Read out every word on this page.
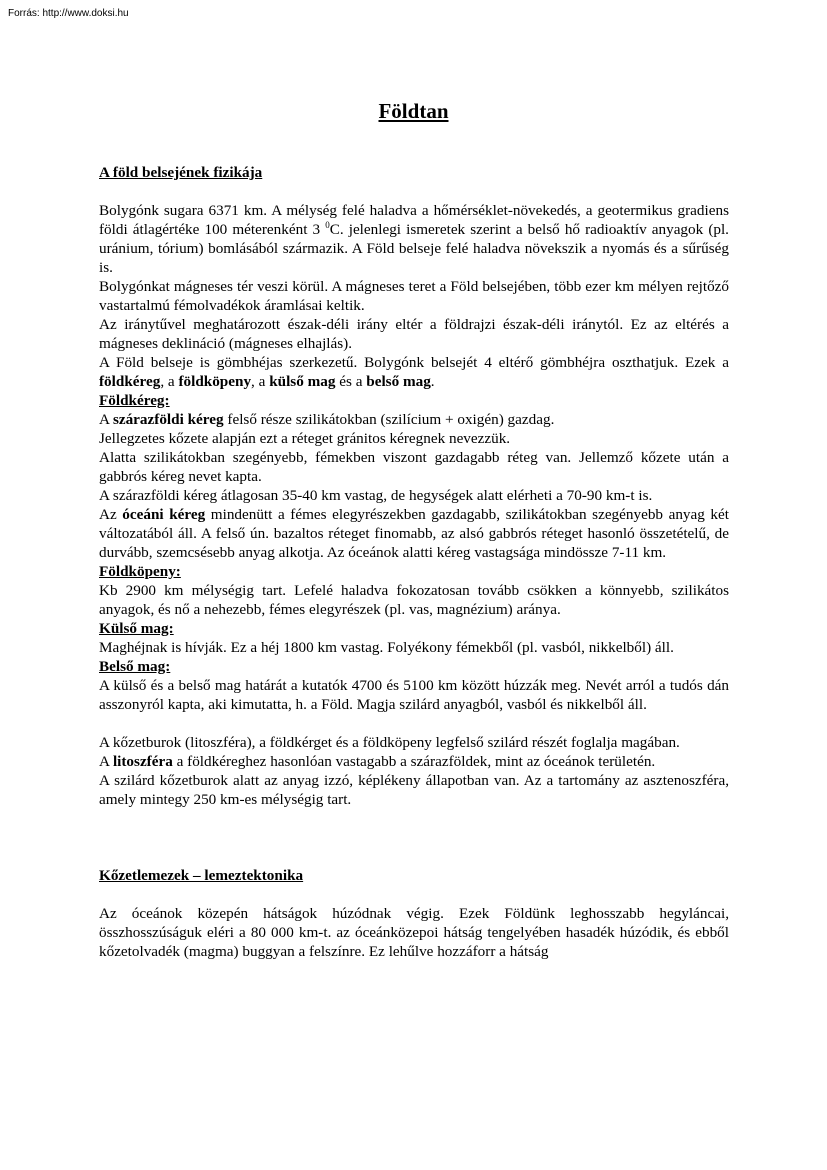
Forrás: http://www.doksi.hu
Földtan
A föld belsejének fizikája

Bolygónk sugara 6371 km. A mélység felé haladva a hőmérséklet-növekedés, a geotermikus gradiens földi átlagértéke 100 méterenként 3 $^0$C. jelenlegi ismeretek szerint a belső hő radioaktív anyagok (pl. uránium, tórium) bomlásából származik. A Föld belseje felé haladva növekszik a nyomás és a sűrűség is.

Bolygónkat mágneses tér veszi körül. A mágneses teret a Föld belsejében, több ezer km mélyen rejtőző vastartalmú fémolvadékok áramlásai keltik.

Az iránytűvel meghatározott észak-déli irány eltér a földrajzi észak-déli iránytól. Ez az eltérés a mágneses deklináció (mágneses elhajlás).

A Föld belseje is gömbhéjas szerkezetű. Bolygónk belsejét 4 eltérő gömbhéjra oszthatjuk. Ezek a földkéreg, a földköpeny, a külső mag és a belső mag.

Földkéreg:

A szárazföldi kéreg felső része szilikátokban (szilícium + oxigén) gazdag.

Jellegzetes kőzete alapján ezt a réteget gránitos kéregnek nevezzük.

Alatta szilikátokban szegényebb, fémekben viszont gazdagabb réteg van. Jellemző kőzete után a gabbrós kéreg nevet kapta.

A szárazföldi kéreg átlagosan 35-40 km vastag, de hegységek alatt elérheti a 70-90 km-t is.

Az óceáni kéreg mindenütt a fémes elegyrészekben gazdagabb, szilikátokban szegényebb anyag két változatából áll. A felső ún. bazaltos réteget finomabb, az alsó gabbrós réteget hasonló összetételű, de durvább, szemcsésebb anyag alkotja. Az óceánok alatti kéreg vastagsága mindössze 7-11 km.

Földköpeny:

Kb 2900 km mélységig tart. Lefelé haladva fokozatosan tovább csökken a könnyebb, szilikátos anyagok, és nő a nehezebb, fémes elegyrészek (pl. vas, magnézium) aránya.

Külső mag:

Maghéjnak is hívják. Ez a héj 1800 km vastag. Folyékony fémekből (pl. vasból, nikkelből) áll.

Belső mag:

A külső és a belső mag határát a kutatók 4700 és 5100 km között húzzák meg. Nevét arról a tudós dán asszonyról kapta, aki kimutatta, h. a Föld. Magja szilárd anyagból, vasból és nikkelből áll.

A kőzetburok (litoszféra), a földkérget és a földköpeny legfelső szilárd részét foglalja magában.

A litoszféra a földkéreghez hasonlóan vastagabb a szárazföldek, mint az óceánok területén.

A szilárd kőzetburok alatt az anyag izzó, képlékeny állapotban van. Az a tartomány az asztenoszféra, amely mintegy 250 km-es mélységig tart.

Kőzetlemezek – lemeztektonika

Az óceánok közepén hátságok húzódnak végig. Ezek Földünk leghosszabb hegyláncai, összhosszúságuk eléri a 80 000 km-t. az óceánközepoi hátság tengelyében hasadék húzódik, és ebből kőzetolvadék (magma) buggyan a felszínre. Ez lehűlve hozzáforr a hátság
